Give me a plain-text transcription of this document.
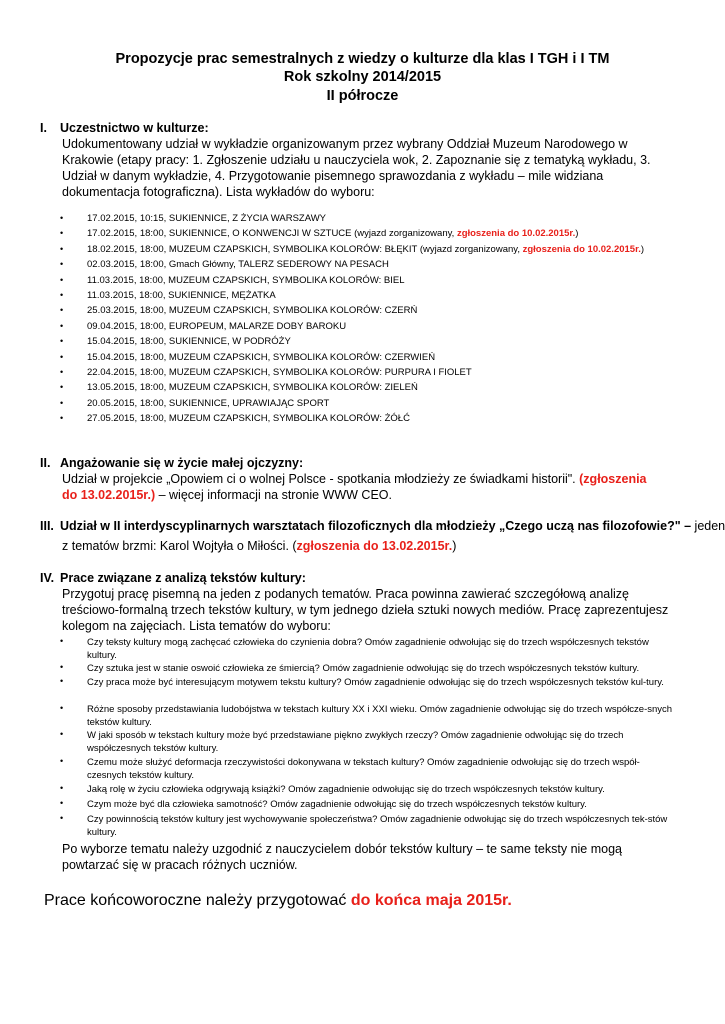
Propozycje prac semestralnych z wiedzy o kulturze dla klas I TGH i I TM
Rok szkolny 2014/2015
II półrocze
I. Uczestnictwo w kulturze:
Udokumentowany udział w wykładzie organizowanym przez wybrany Oddział Muzeum Narodowego w Krakowie (etapy pracy: 1. Zgłoszenie udziału u nauczyciela wok, 2. Zapoznanie się z tematyką wykładu, 3. Udział w danym wykładzie, 4. Przygotowanie pisemnego sprawozdania z wykładu – mile widziana dokumentacja fotograficzna). Lista wykładów do wyboru:
•	17.02.2015, 10:15, SUKIENNICE, Z ŻYCIA WARSZAWY
•	17.02.2015, 18:00, SUKIENNICE, O KONWENCJI W SZTUCE (wyjazd zorganizowany, zgłoszenia do 10.02.2015r.)
•	18.02.2015, 18:00, MUZEUM CZAPSKICH, SYMBOLIKA KOLORÓW: BŁĘKIT (wyjazd zorganizowany, zgłoszenia do 10.02.2015r.)
•	02.03.2015, 18:00, Gmach Główny, TALERZ SEDEROWY NA PESACH
•	11.03.2015, 18:00, MUZEUM CZAPSKICH, SYMBOLIKA KOLORÓW: BIEL
•	11.03.2015, 18:00, SUKIENNICE, MĘŻATKA
•	25.03.2015, 18:00, MUZEUM CZAPSKICH, SYMBOLIKA KOLORÓW: CZERŃ
•	09.04.2015, 18:00, EUROPEUM, MALARZE DOBY BAROKU
•	15.04.2015, 18:00, SUKIENNICE, W PODRÓŻY
•	15.04.2015, 18:00, MUZEUM CZAPSKICH, SYMBOLIKA KOLORÓW: CZERWIEŃ
•	22.04.2015, 18:00, MUZEUM CZAPSKICH, SYMBOLIKA KOLORÓW: PURPURA I FIOLET
•	13.05.2015, 18:00, MUZEUM CZAPSKICH, SYMBOLIKA KOLORÓW: ZIELEŃ
•	20.05.2015, 18:00, SUKIENNICE, UPRAWIAJĄC SPORT
•	27.05.2015, 18:00, MUZEUM CZAPSKICH, SYMBOLIKA KOLORÓW: ŻÓŁĆ
II. Angażowanie się w życie małej ojczyzny:
Udział w projekcie „Opowiem ci o wolnej Polsce - spotkania młodzieży ze świadkami historii". (zgłoszenia do 13.02.2015r.) – więcej informacji na stronie WWW CEO.
III. Udział w II interdyscyplinarnych warsztatach filozoficznych dla młodzieży „Czego uczą nas filozofowie?" – jeden
z tematów brzmi: Karol Wojtyła o Miłości. (zgłoszenia do 13.02.2015r.)
IV. Prace związane z analizą tekstów kultury:
Przygotuj pracę pisemną na jeden z podanych tematów. Praca powinna zawierać szczegółową analizę treściowo-formalną trzech tekstów kultury, w tym jednego dzieła sztuki nowych mediów. Pracę zaprezentujesz kolegom na zajęciach. Lista tematów do wyboru:
•	Czy teksty kultury mogą zachęcać człowieka do czynienia dobra? Omów zagadnienie odwołując się do trzech współczesnych tekstów kultury.
•	Czy sztuka jest w stanie oswoić człowieka ze śmiercią? Omów zagadnienie odwołując się do trzech współczesnych tekstów kultury.
•	Czy praca może być interesującym motywem tekstu kultury? Omów zagadnienie odwołując się do trzech współczesnych tekstów kul-tury.
•	Różne sposoby przedstawiania ludobójstwa w tekstach kultury XX i XXI wieku. Omów zagadnienie odwołując się do trzech współcze-snych tekstów kultury.
•	W jaki sposób w tekstach kultury może być przedstawiane piękno zwykłych rzeczy? Omów zagadnienie odwołując się do trzech współczesnych tekstów kultury.
•	Czemu może służyć deformacja rzeczywistości dokonywana w tekstach kultury? Omów zagadnienie odwołując się do trzech współ-czesnych tekstów kultury.
•	Jaką rolę w życiu człowieka odgrywają książki? Omów zagadnienie odwołując się do trzech współczesnych tekstów kultury.
•	Czym może być dla człowieka samotność? Omów zagadnienie odwołując się do trzech współczesnych tekstów kultury.
•	Czy powinnością tekstów kultury jest wychowywanie społeczeństwa? Omów zagadnienie odwołując się do trzech współczesnych tek-stów kultury.
Po wyborze tematu należy uzgodnić z nauczycielem dobór tekstów kultury – te same teksty nie mogą powtarzać się w pracach różnych uczniów.
Prace końcoworoczne należy przygotować do końca maja 2015r.
